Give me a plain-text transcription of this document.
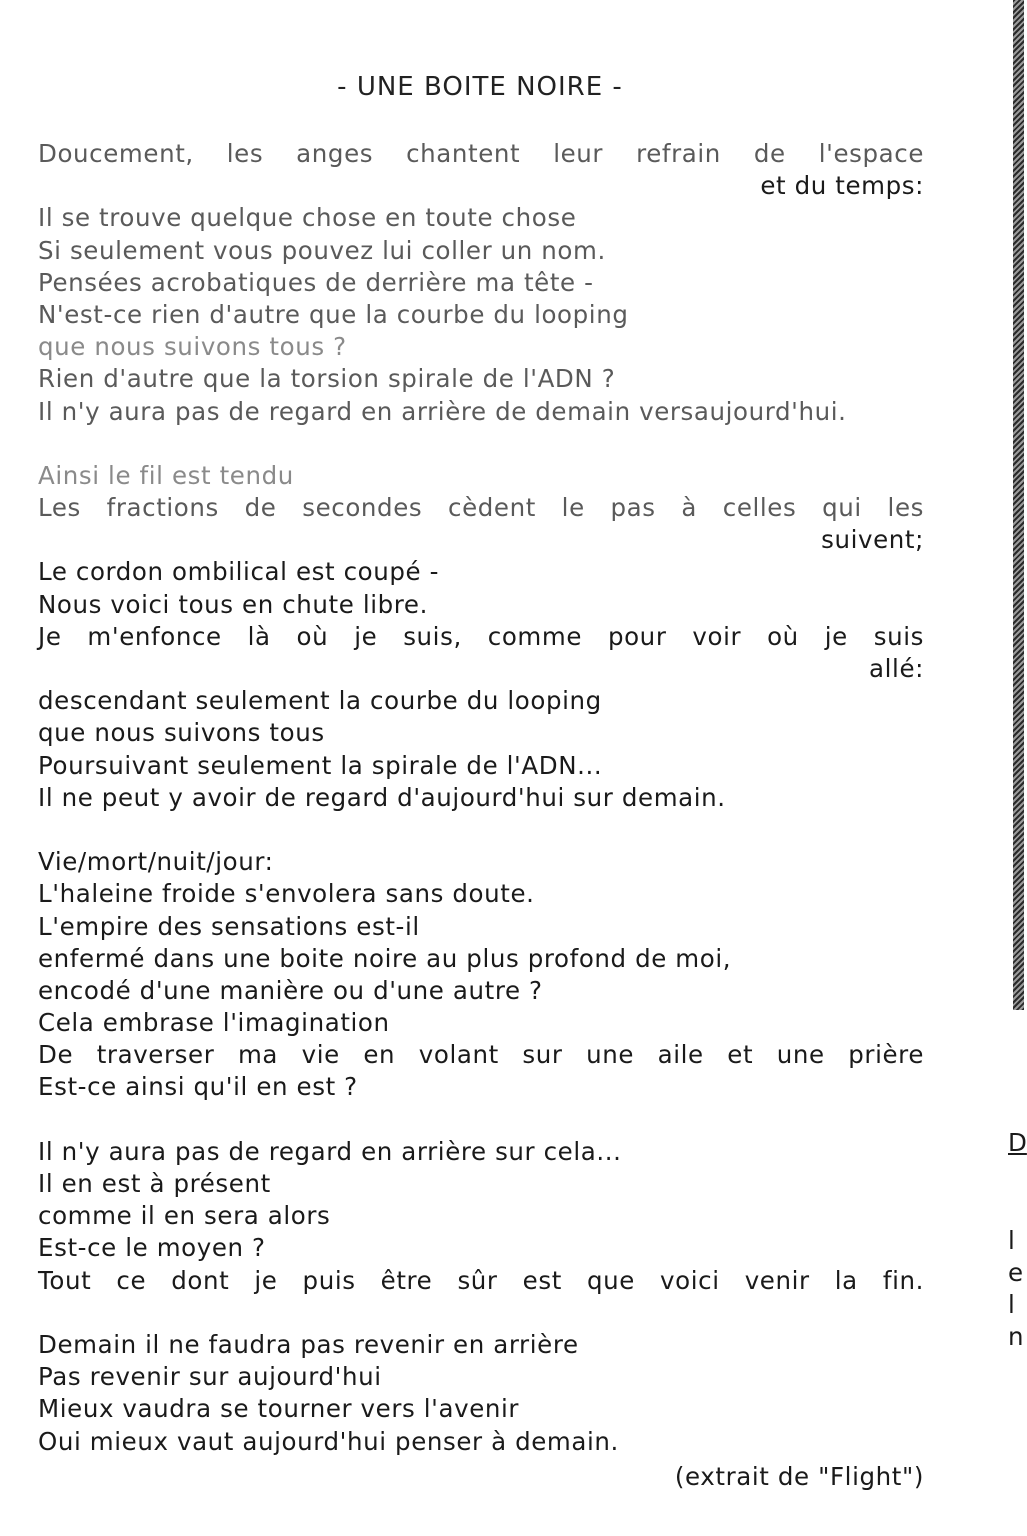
- UNE BOITE NOIRE -
Doucement, les anges chantent leur refrain de l'espace
et du temps:
Il se trouve quelque chose en toute chose
Si seulement vous pouvez lui coller un nom.
Pensées acrobatiques de derrière ma tête -
N'est-ce rien d'autre que la courbe du looping
que nous suivons tous ?
Rien d'autre que la torsion spirale de l'ADN ?
Il n'y aura pas de regard en arrière de demain versaujourd'hui.
Ainsi le fil est tendu
Les fractions de secondes cèdent le pas à celles qui les
suivent;
Le cordon ombilical est coupé -
Nous voici tous en chute libre.
Je m'enfonce là où je suis, comme pour voir où je suis
allé:
descendant seulement la courbe du looping
que nous suivons tous
Poursuivant seulement la spirale de l'ADN...
Il ne peut y avoir de regard d'aujourd'hui sur demain.
Vie/mort/nuit/jour:
L'haleine froide s'envolera sans doute.
L'empire des sensations est-il
enfermé dans une boite noire au plus profond de moi,
encodé d'une manière ou d'une autre ?
Cela embrase l'imagination
De traverser ma vie en volant sur une aile et une prière
Est-ce ainsi qu'il en est ?
Il n'y aura pas de regard en arrière sur cela...
Il en est à présent
comme il en sera alors
Est-ce le moyen ?
Tout ce dont je puis être sûr est que voici venir la fin.
Demain il ne faudra pas revenir en arrière
Pas revenir sur aujourd'hui
Mieux vaudra se tourner vers l'avenir
Oui mieux vaut aujourd'hui penser à demain.
(extrait de "Flight")
D
l
e
l
n
